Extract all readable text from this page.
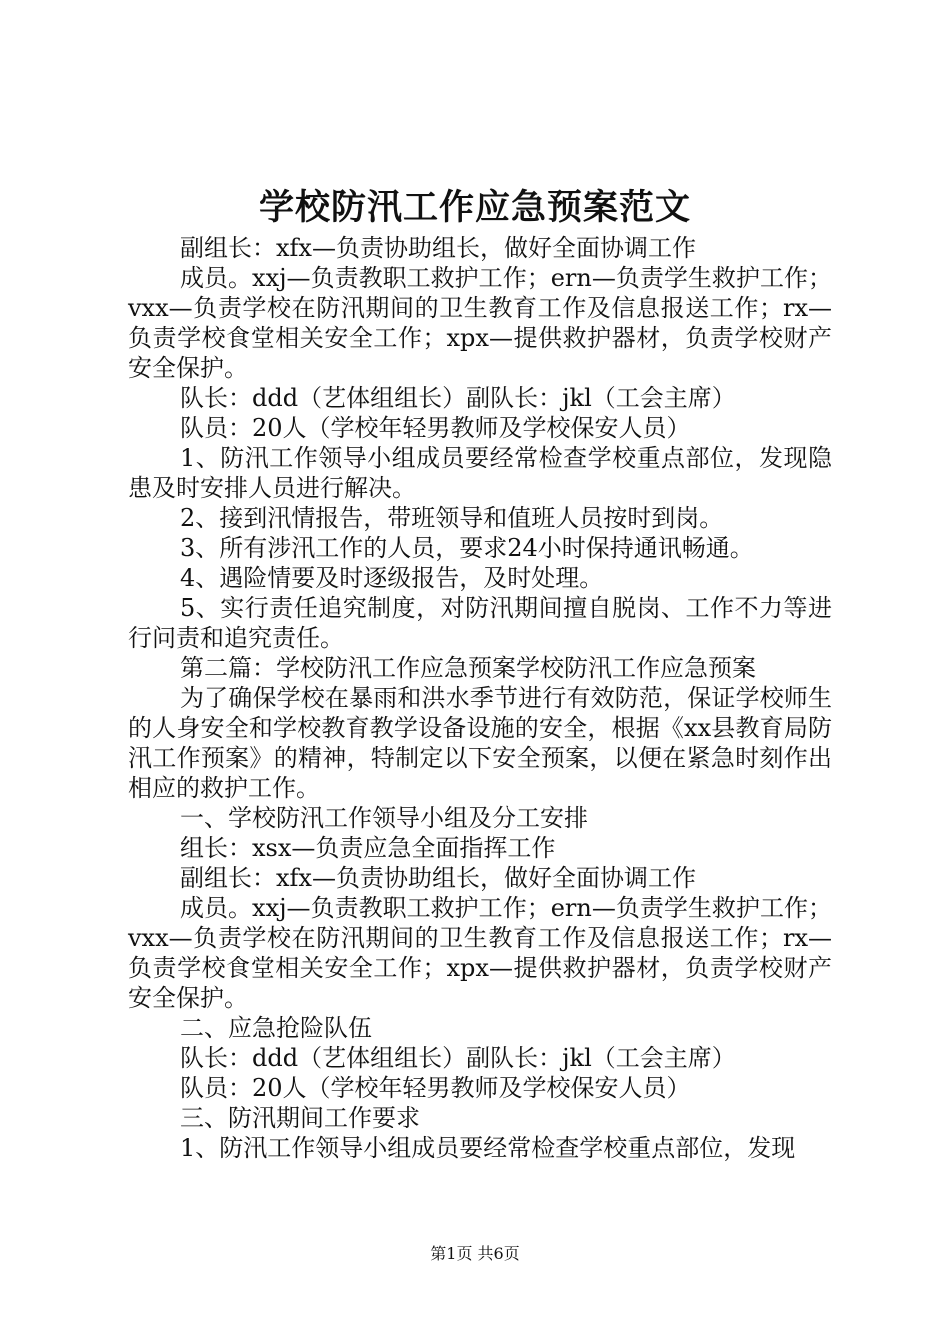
学校防汛工作应急预案范文

副组长：xfx—负责协助组长，做好全面协调工作

成员。xxj—负责教职工救护工作；ern—负责学生救护工作；vxx—负责学校在防汛期间的卫生教育工作及信息报送工作；rx—负责学校食堂相关安全工作；xpx—提供救护器材，负责学校财产安全保护。

队长：ddd（艺体组组长）副队长：jkl（工会主席）

队员：20人（学校年轻男教师及学校保安人员）

1、防汛工作领导小组成员要经常检查学校重点部位，发现隐患及时安排人员进行解决。

2、接到汛情报告，带班领导和值班人员按时到岗。

3、所有涉汛工作的人员，要求24小时保持通讯畅通。

4、遇险情要及时逐级报告，及时处理。

5、实行责任追究制度，对防汛期间擅自脱岗、工作不力等进行问责和追究责任。

第二篇：学校防汛工作应急预案学校防汛工作应急预案

为了确保学校在暴雨和洪水季节进行有效防范，保证学校师生的人身安全和学校教育教学设备设施的安全，根据《xx县教育局防汛工作预案》的精神，特制定以下安全预案，以便在紧急时刻作出相应的救护工作。

一、学校防汛工作领导小组及分工安排

组长：xsx—负责应急全面指挥工作

副组长：xfx—负责协助组长，做好全面协调工作

成员。xxj—负责教职工救护工作；ern—负责学生救护工作；vxx—负责学校在防汛期间的卫生教育工作及信息报送工作；rx—负责学校食堂相关安全工作；xpx—提供救护器材，负责学校财产安全保护。

二、应急抢险队伍

队长：ddd（艺体组组长）副队长：jkl（工会主席）

队员：20人（学校年轻男教师及学校保安人员）

三、防汛期间工作要求

1、防汛工作领导小组成员要经常检查学校重点部位，发现

第1页 共6页
